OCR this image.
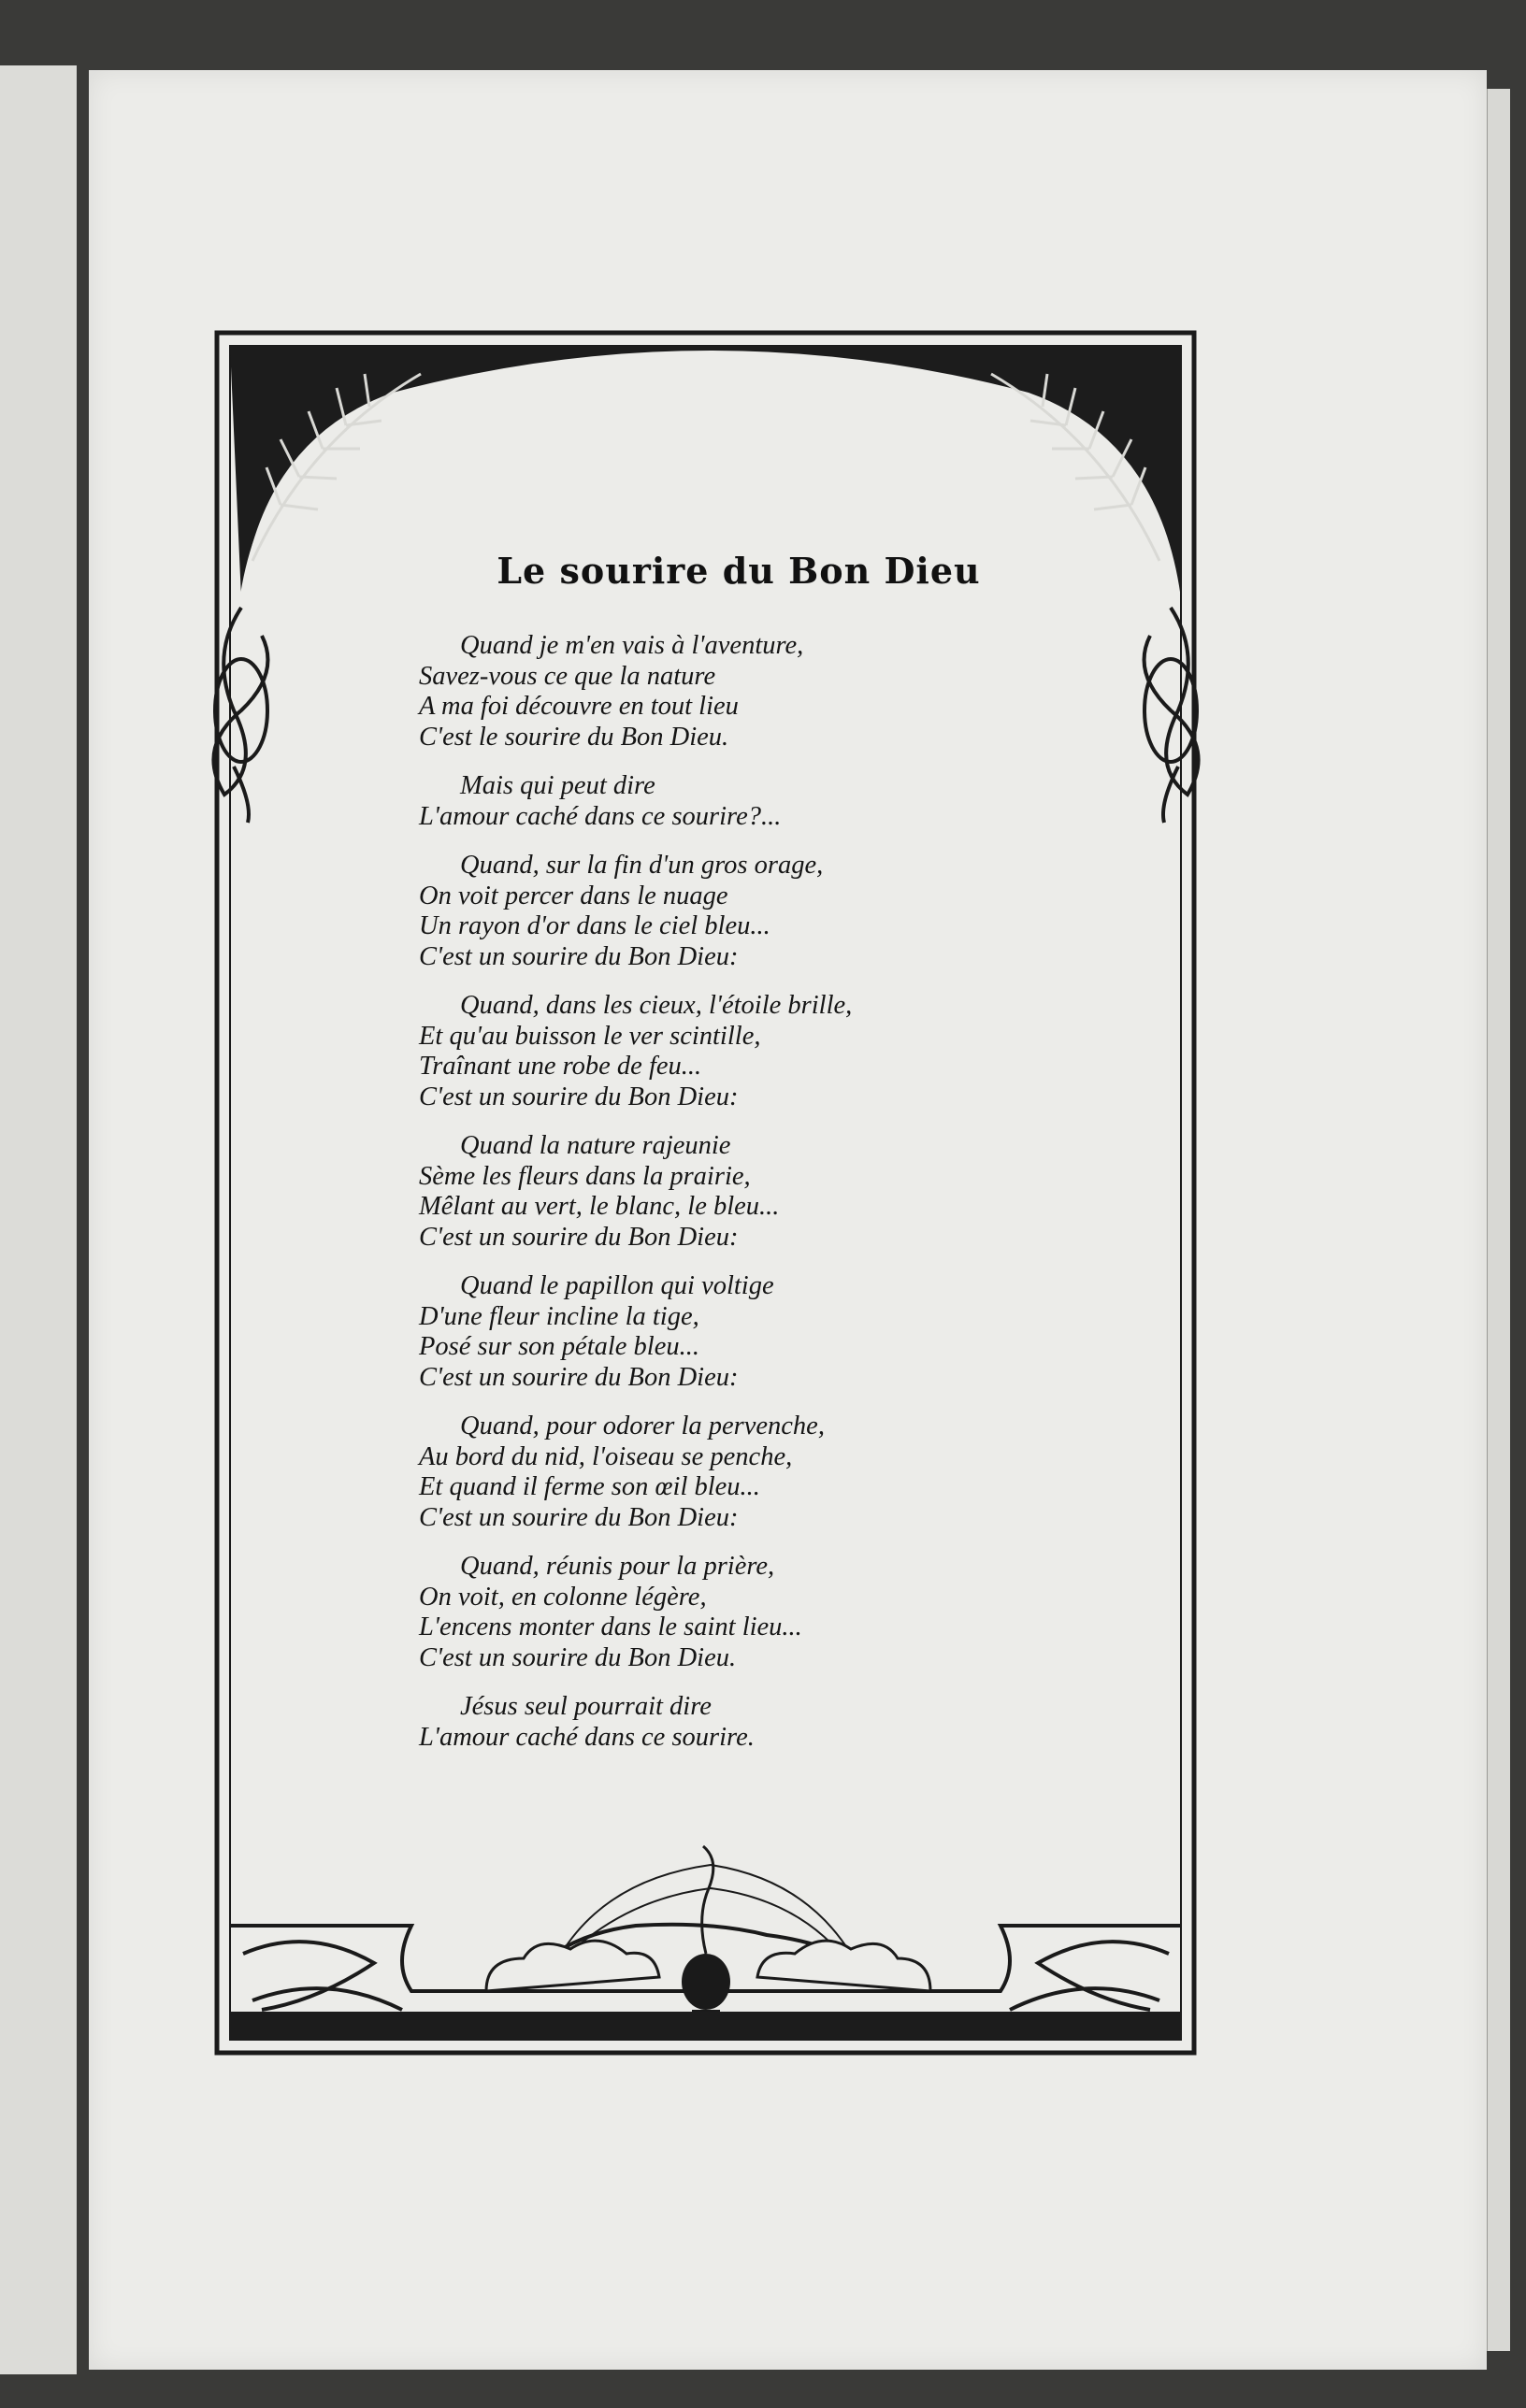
Le sourire du Bon Dieu
Quand je m'en vais à l'aventure,
Savez-vous ce que la nature
A ma foi découvre en tout lieu
C'est le sourire du Bon Dieu.
Mais qui peut dire
L'amour caché dans ce sourire?...
Quand, sur la fin d'un gros orage,
On voit percer dans le nuage
Un rayon d'or dans le ciel bleu...
C'est un sourire du Bon Dieu:
Quand, dans les cieux, l'étoile brille,
Et qu'au buisson le ver scintille,
Traînant une robe de feu...
C'est un sourire du Bon Dieu:
Quand la nature rajeunie
Sème les fleurs dans la prairie,
Mêlant au vert, le blanc, le bleu...
C'est un sourire du Bon Dieu:
Quand le papillon qui voltige
D'une fleur incline la tige,
Posé sur son pétale bleu...
C'est un sourire du Bon Dieu:
Quand, pour odorer la pervenche,
Au bord du nid, l'oiseau se penche,
Et quand il ferme son œil bleu...
C'est un sourire du Bon Dieu:
Quand, réunis pour la prière,
On voit, en colonne légère,
L'encens monter dans le saint lieu...
C'est un sourire du Bon Dieu.
Jésus seul pourrait dire
L'amour caché dans ce sourire.
